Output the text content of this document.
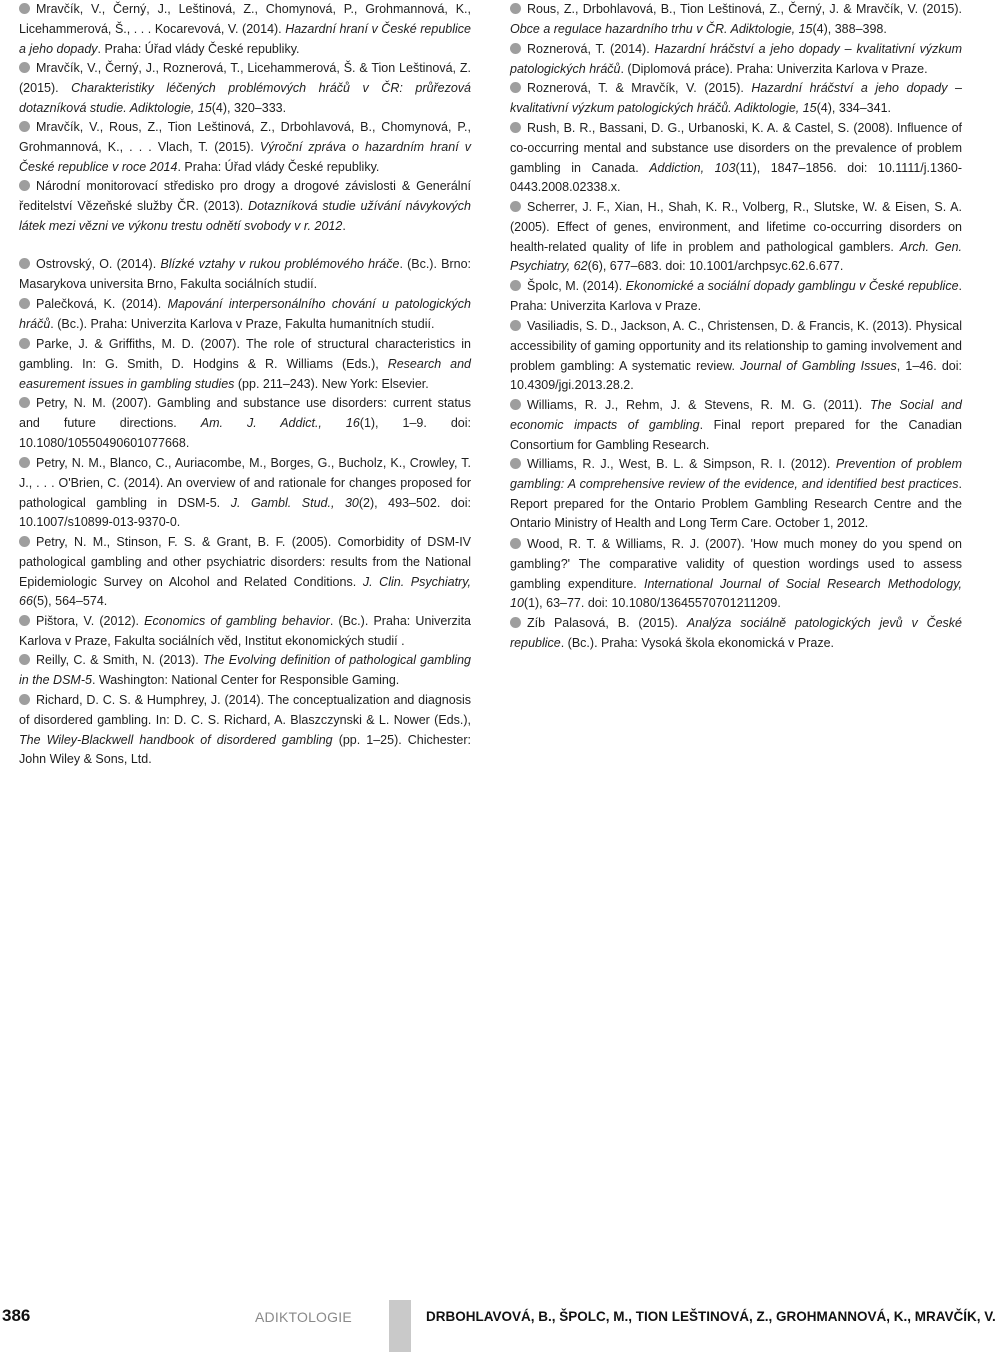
Mravčík, V., Černý, J., Leštinová, Z., Chomynová, P., Grohmannová, K., Licehammerová, Š., . . . Kocarevová, V. (2014). Hazardní hraní v České republice a jeho dopady. Praha: Úřad vlády České republiky.

Mravčík, V., Černý, J., Roznerová, T., Licehammerová, Š. & Tion Leštinová, Z. (2015). Charakteristiky léčených problémových hráčů v ČR: průřezová dotazníková studie. Adiktologie, 15(4), 320–333.

Mravčík, V., Rous, Z., Tion Leštinová, Z., Drbohlavová, B., Chomynová, P., Grohmannová, K., . . . Vlach, T. (2015). Výroční zpráva o hazardním hraní v České republice v roce 2014. Praha: Úřad vlády České republiky.

Národní monitorovací středisko pro drogy a drogové závislosti & Generální ředitelství Vězeňské služby ČR. (2013). Dotazníková studie užívání návykových látek mezi vězni ve výkonu trestu odnětí svobody v r. 2012.

Ostrovský, O. (2014). Blízké vztahy v rukou problémového hráče. (Bc.). Brno: Masarykova universita Brno, Fakulta sociálních studií.

Palečková, K. (2014). Mapování interpersonálního chování u patologických hráčů. (Bc.). Praha: Univerzita Karlova v Praze, Fakulta humanitních studií.

Parke, J. & Griffiths, M. D. (2007). The role of structural characteristics in gambling. In: G. Smith, D. Hodgins & R. Williams (Eds.), Research and easurement issues in gambling studies (pp. 211–243). New York: Elsevier.

Petry, N. M. (2007). Gambling and substance use disorders: current status and future directions. Am. J. Addict., 16(1), 1–9. doi: 10.1080/10550490601077668.

Petry, N. M., Blanco, C., Auriacombe, M., Borges, G., Bucholz, K., Crowley, T. J., . . . O'Brien, C. (2014). An overview of and rationale for changes proposed for pathological gambling in DSM-5. J. Gambl. Stud., 30(2), 493–502. doi: 10.1007/s10899-013-9370-0.

Petry, N. M., Stinson, F. S. & Grant, B. F. (2005). Comorbidity of DSM-IV pathological gambling and other psychiatric disorders: results from the National Epidemiologic Survey on Alcohol and Related Conditions. J. Clin. Psychiatry, 66(5), 564–574.

Pištora, V. (2012). Economics of gambling behavior. (Bc.). Praha: Univerzita Karlova v Praze, Fakulta sociálních věd, Institut ekonomických studií .

Reilly, C. & Smith, N. (2013). The Evolving definition of pathological gambling in the DSM-5. Washington: National Center for Responsible Gaming.

Richard, D. C. S. & Humphrey, J. (2014). The conceptualization and diagnosis of disordered gambling. In: D. C. S. Richard, A. Blaszczynski & L. Nower (Eds.), The Wiley-Blackwell handbook of disordered gambling (pp. 1–25). Chichester: John Wiley & Sons, Ltd.

Rous, Z., Drbohlavová, B., Tion Leštinová, Z., Černý, J. & Mravčík, V. (2015). Obce a regulace hazardního trhu v ČR. Adiktologie, 15(4), 388–398.

Roznerová, T. (2014). Hazardní hráčství a jeho dopady – kvalitativní výzkum patologických hráčů. (Diplomová práce). Praha: Univerzita Karlova v Praze.

Roznerová, T. & Mravčík, V. (2015). Hazardní hráčství a jeho dopady – kvalitativní výzkum patologických hráčů. Adiktologie, 15(4), 334–341.

Rush, B. R., Bassani, D. G., Urbanoski, K. A. & Castel, S. (2008). Influence of co-occurring mental and substance use disorders on the prevalence of problem gambling in Canada. Addiction, 103(11), 1847–1856. doi: 10.1111/j.1360-0443.2008.02338.x.

Scherrer, J. F., Xian, H., Shah, K. R., Volberg, R., Slutske, W. & Eisen, S. A. (2005). Effect of genes, environment, and lifetime co-occurring disorders on health-related quality of life in problem and pathological gamblers. Arch. Gen. Psychiatry, 62(6), 677–683. doi: 10.1001/archpsyc.62.6.677.

Špolc, M. (2014). Ekonomické a sociální dopady gamblingu v České republice. Praha: Univerzita Karlova v Praze.

Vasiliadis, S. D., Jackson, A. C., Christensen, D. & Francis, K. (2013). Physical accessibility of gaming opportunity and its relationship to gaming involvement and problem gambling: A systematic review. Journal of Gambling Issues, 1–46. doi: 10.4309/jgi.2013.28.2.

Williams, R. J., Rehm, J. & Stevens, R. M. G. (2011). The Social and economic impacts of gambling. Final report prepared for the Canadian Consortium for Gambling Research.

Williams, R. J., West, B. L. & Simpson, R. I. (2012). Prevention of problem gambling: A comprehensive review of the evidence, and identified best practices. Report prepared for the Ontario Problem Gambling Research Centre and the Ontario Ministry of Health and Long Term Care. October 1, 2012.

Wood, R. T. & Williams, R. J. (2007). 'How much money do you spend on gambling?' The comparative validity of question wordings used to assess gambling expenditure. International Journal of Social Research Methodology, 10(1), 63–77. doi: 10.1080/13645570701211209.

Zíb Palasová, B. (2015). Analýza sociálně patologických jevů v České republice. (Bc.). Praha: Vysoká škola ekonomická v Praze.

386	ADIKTOLOGIE	DRBOHLAVOVÁ, B., ŠPOLC, M., TION LEŠTINOVÁ, Z., GROHMANNOVÁ, K., MRAVČÍK, V.
